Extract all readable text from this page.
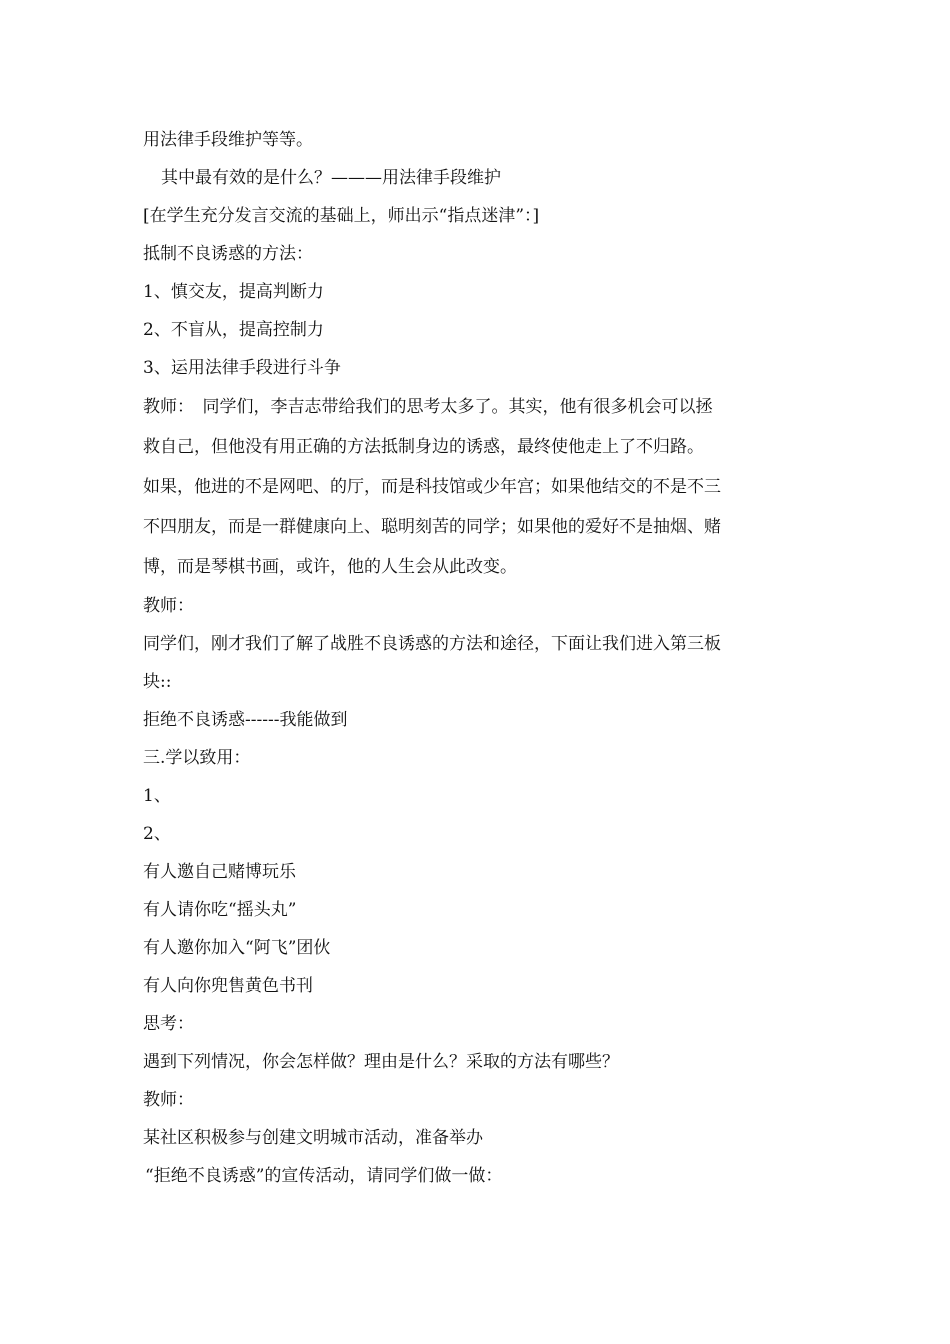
用法律手段维护等等。
其中最有效的是什么？———用法律手段维护
[在学生充分发言交流的基础上，师出示“指点迷津”：]
抵制不良诱惑的方法：
1、慎交友，提高判断力
2、不盲从，提高控制力
3、运用法律手段进行斗争
教师：　同学们，李吉志带给我们的思考太多了。其实，他有很多机会可以拯
救自己，但他没有用正确的方法抵制身边的诱惑，最终使他走上了不归路。
如果，他进的不是网吧、的厅，而是科技馆或少年宫；如果他结交的不是不三
不四朋友，而是一群健康向上、聪明刻苦的同学；如果他的爱好不是抽烟、赌
博，而是琴棋书画，或许，他的人生会从此改变。
教师：
同学们，刚才我们了解了战胜不良诱惑的方法和途径，下面让我们进入第三板
块::
拒绝不良诱惑------我能做到
三.学以致用：
1、
2、
有人邀自己赌博玩乐
有人请你吃“摇头丸”
有人邀你加入“阿飞”团伙
有人向你兜售黄色书刊
思考：
遇到下列情况，你会怎样做？理由是什么？采取的方法有哪些？
教师：
某社区积极参与创建文明城市活动，准备举办
“拒绝不良诱惑”的宣传活动，请同学们做一做：
